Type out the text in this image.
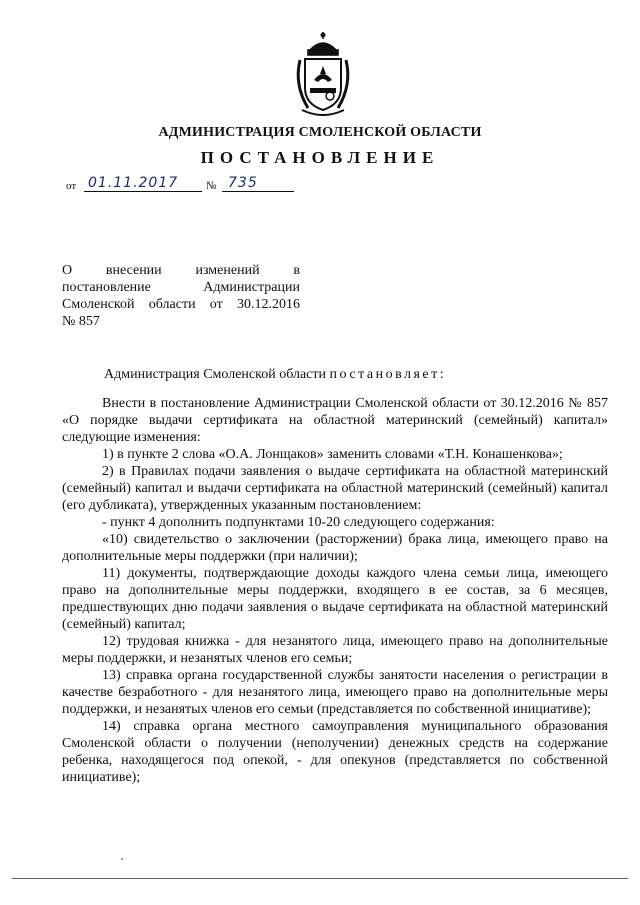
АДМИНИСТРАЦИЯ СМОЛЕНСКОЙ ОБЛАСТИ
ПОСТАНОВЛЕНИЕ
от 01.11.2017	№ 735
О внесении изменений в
постановление Администрации
Смоленской области от 30.12.2016
№ 857
Администрация Смоленской области постановляет:

Внести в постановление Администрации Смоленской области от 30.12.2016 № 857 «О порядке выдачи сертификата на областной материнский (семейный) капитал» следующие изменения:

1) в пункте 2 слова «О.А. Лонщаков» заменить словами «Т.Н. Конашенкова»;

2) в Правилах подачи заявления о выдаче сертификата на областной материнский (семейный) капитал и выдачи сертификата на областной материнский (семейный) капитал (его дубликата), утвержденных указанным постановлением:

- пункт 4 дополнить подпунктами 10-20 следующего содержания:

«10) свидетельство о заключении (расторжении) брака лица, имеющего право на дополнительные меры поддержки (при наличии);

11) документы, подтверждающие доходы каждого члена семьи лица, имеющего право на дополнительные меры поддержки, входящего в ее состав, за 6 месяцев, предшествующих дню подачи заявления о выдаче сертификата на областной материнский (семейный) капитал;

12) трудовая книжка - для незанятого лица, имеющего право на дополнительные меры поддержки, и незанятых членов его семьи;

13) справка органа государственной службы занятости населения о регистрации в качестве безработного - для незанятого лица, имеющего право на дополнительные меры поддержки, и незанятых членов его семьи (представляется по собственной инициативе);

14) справка органа местного самоуправления муниципального образования Смоленской области о получении (неполучении) денежных средств на содержание ребенка, находящегося под опекой, - для опекунов (представляется по собственной инициативе);
